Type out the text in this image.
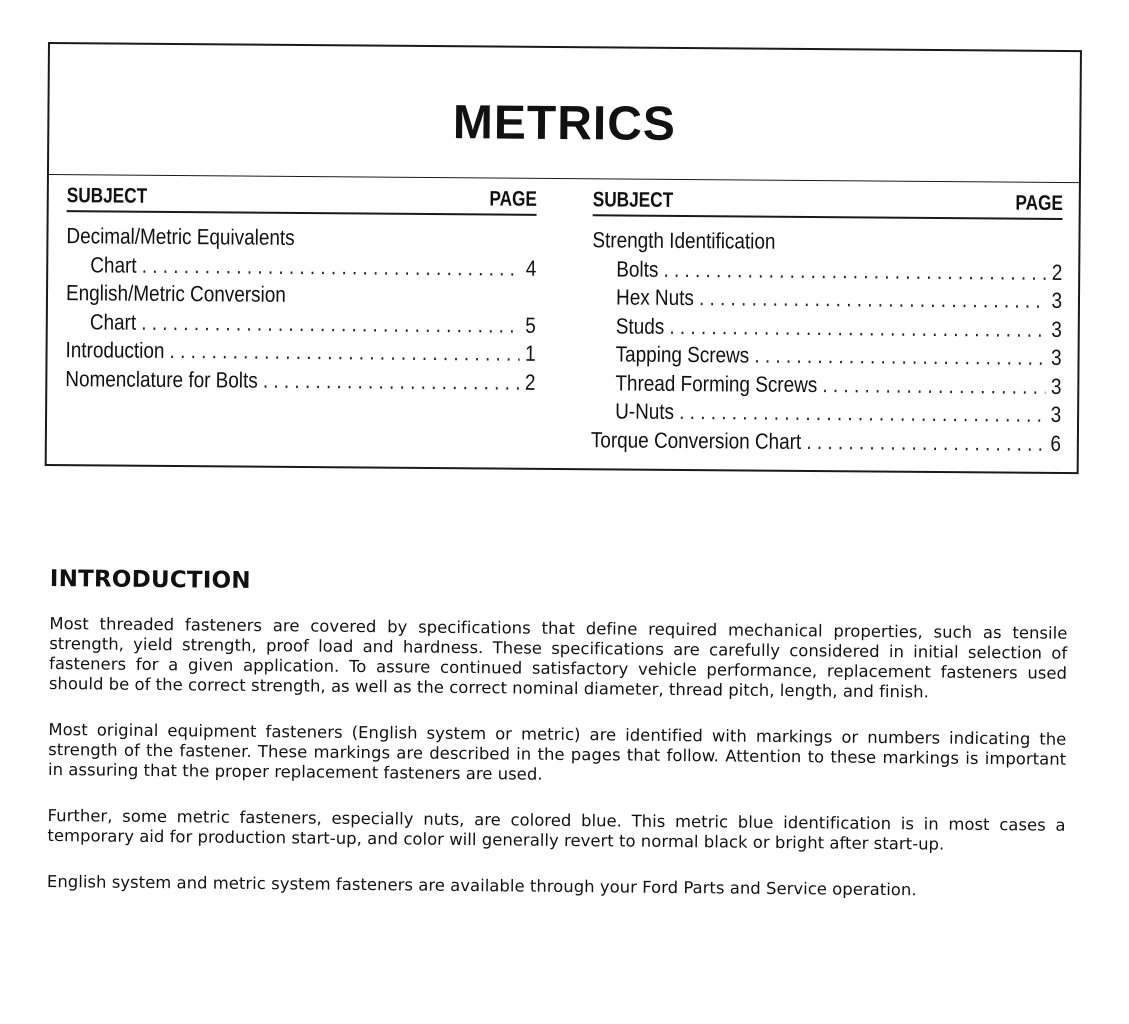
METRICS
SUBJECT	PAGE
Decimal/Metric Equivalents
Chart . . .	4
English/Metric Conversion
Chart . . .	5
Introduction . . .	1
Nomenclature for Bolts . . .	2
SUBJECT	PAGE
Strength Identification
Bolts . . .	2
Hex Nuts . . .	3
Studs . . .	3
Tapping Screws . . .	3
Thread Forming Screws . . .	3
U-Nuts . . .	3
Torque Conversion Chart . . .	6
INTRODUCTION

Most threaded fasteners are covered by specifications that define required mechanical properties, such as tensile strength, yield strength, proof load and hardness. These specifications are carefully considered in initial selection of fasteners for a given application. To assure continued satisfactory vehicle performance, replacement fasteners used should be of the correct strength, as well as the correct nominal diameter, thread pitch, length, and finish.

Most original equipment fasteners (English system or metric) are identified with markings or numbers indicating the strength of the fastener. These markings are described in the pages that follow. Attention to these markings is important in assuring that the proper replacement fasteners are used.

Further, some metric fasteners, especially nuts, are colored blue. This metric blue identification is in most cases a temporary aid for production start-up, and color will generally revert to normal black or bright after start-up.

English system and metric system fasteners are available through your Ford Parts and Service operation.
